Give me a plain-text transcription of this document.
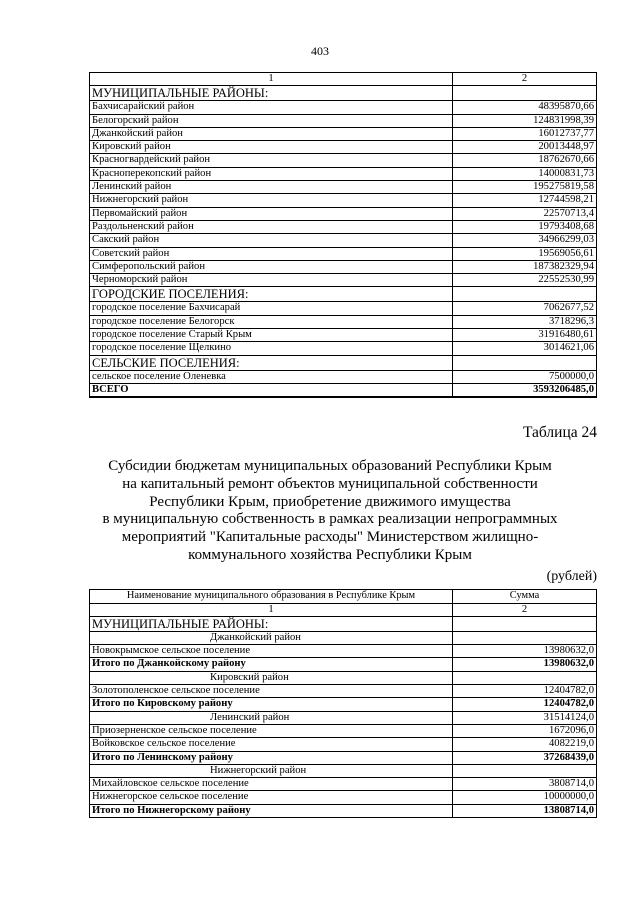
403
1	2
МУНИЦИПАЛЬНЫЕ РАЙОНЫ:	
Бахчисарайский район	48395870,66
Белогорский район	124831998,39
Джанкойский район	16012737,77
Кировский район	20013448,97
Красногвардейский район	18762670,66
Красноперекопский район	14000831,73
Ленинский район	195275819,58
Нижнегорский район	12744598,21
Первомайский район	22570713,4
Раздольненский район	19793408,68
Сакский район	34966299,03
Советский район	19569056,61
Симферопольский район	187382329,94
Черноморский район	22552530,99
ГОРОДСКИЕ ПОСЕЛЕНИЯ:	
городское поселение Бахчисарай	7062677,52
городское поселение Белогорск	3718296,3
городское поселение Старый Крым	31916480,61
городское поселение Щелкино	3014621,06
СЕЛЬСКИЕ ПОСЕЛЕНИЯ:	
сельское поселение Оленевка	7500000,0
ВСЕГО	3593206485,0
Таблица 24
Субсидии бюджетам муниципальных образований Республики Крым
на капитальный ремонт объектов муниципальной собственности
Республики Крым, приобретение движимого имущества
в муниципальную собственность в рамках реализации непрограммных
мероприятий "Капитальные расходы" Министерством жилищно-
коммунального хозяйства Республики Крым
(рублей)
Наименование муниципального образования в Республике Крым	Сумма
1	2
МУНИЦИПАЛЬНЫЕ РАЙОНЫ:	
Джанкойский район	
Новокрымское сельское поселение	13980632,0
Итого по Джанкойскому району	13980632,0
Кировский район	
Золотополенское сельское поселение	12404782,0
Итого по Кировскому району	12404782,0
Ленинский район	31514124,0
Приозерненское сельское поселение	1672096,0
Войковское сельское поселение	4082219,0
Итого по Ленинскому району	37268439,0
Нижнегорский район	
Михайловское сельское поселение	3808714,0
Нижнегорское сельское поселение	10000000,0
Итого по Нижнегорскому району	13808714,0
